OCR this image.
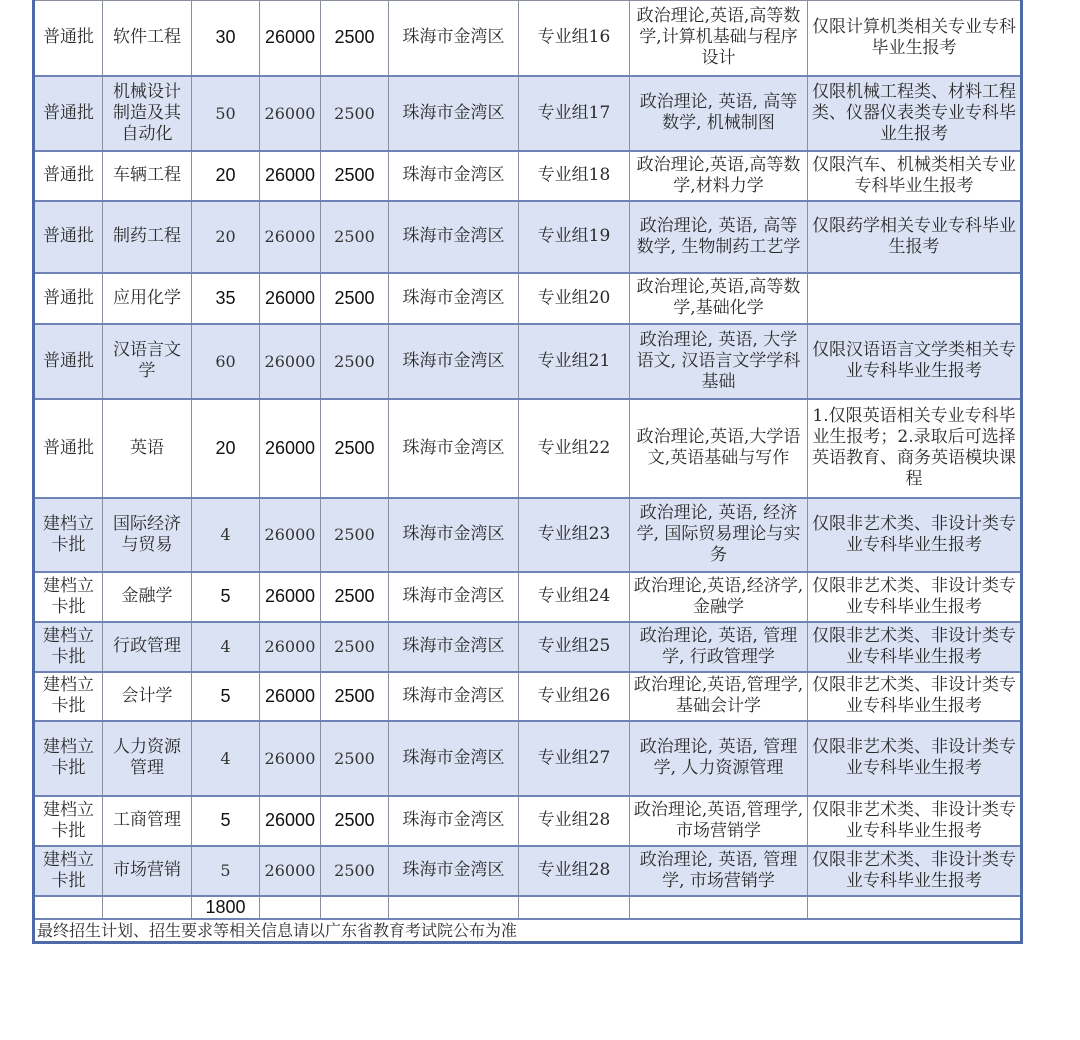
普通批	软件工程	30	26000	2500	珠海市金湾区	专业组16	政治理论,英语,高等数学,计算机基础与程序设计	仅限计算机类相关专业专科毕业生报考
普通批	机械设计制造及其自动化	50	26000	2500	珠海市金湾区	专业组17	政治理论, 英语, 高等数学, 机械制图	仅限机械工程类、材料工程类、仪器仪表类专业专科毕业生报考
普通批	车辆工程	20	26000	2500	珠海市金湾区	专业组18	政治理论,英语,高等数学,材料力学	仅限汽车、机械类相关专业专科毕业生报考
普通批	制药工程	20	26000	2500	珠海市金湾区	专业组19	政治理论, 英语, 高等数学, 生物制药工艺学	仅限药学相关专业专科毕业生报考
普通批	应用化学	35	26000	2500	珠海市金湾区	专业组20	政治理论,英语,高等数学,基础化学	
普通批	汉语言文学	60	26000	2500	珠海市金湾区	专业组21	政治理论, 英语, 大学语文, 汉语言文学学科基础	仅限汉语语言文学类相关专业专科毕业生报考
普通批	英语	20	26000	2500	珠海市金湾区	专业组22	政治理论,英语,大学语文,英语基础与写作	1.仅限英语相关专业专科毕业生报考；2.录取后可选择英语教育、商务英语模块课程
建档立卡批	国际经济与贸易	4	26000	2500	珠海市金湾区	专业组23	政治理论, 英语, 经济学, 国际贸易理论与实务	仅限非艺术类、非设计类专业专科毕业生报考
建档立卡批	金融学	5	26000	2500	珠海市金湾区	专业组24	政治理论,英语,经济学,金融学	仅限非艺术类、非设计类专业专科毕业生报考
建档立卡批	行政管理	4	26000	2500	珠海市金湾区	专业组25	政治理论, 英语, 管理学, 行政管理学	仅限非艺术类、非设计类专业专科毕业生报考
建档立卡批	会计学	5	26000	2500	珠海市金湾区	专业组26	政治理论,英语,管理学,基础会计学	仅限非艺术类、非设计类专业专科毕业生报考
建档立卡批	人力资源管理	4	26000	2500	珠海市金湾区	专业组27	政治理论, 英语, 管理学, 人力资源管理	仅限非艺术类、非设计类专业专科毕业生报考
建档立卡批	工商管理	5	26000	2500	珠海市金湾区	专业组28	政治理论,英语,管理学,市场营销学	仅限非艺术类、非设计类专业专科毕业生报考
建档立卡批	市场营销	5	26000	2500	珠海市金湾区	专业组28	政治理论, 英语, 管理学, 市场营销学	仅限非艺术类、非设计类专业专科毕业生报考
		1800						
最终招生计划、招生要求等相关信息请以广东省教育考试院公布为准								
